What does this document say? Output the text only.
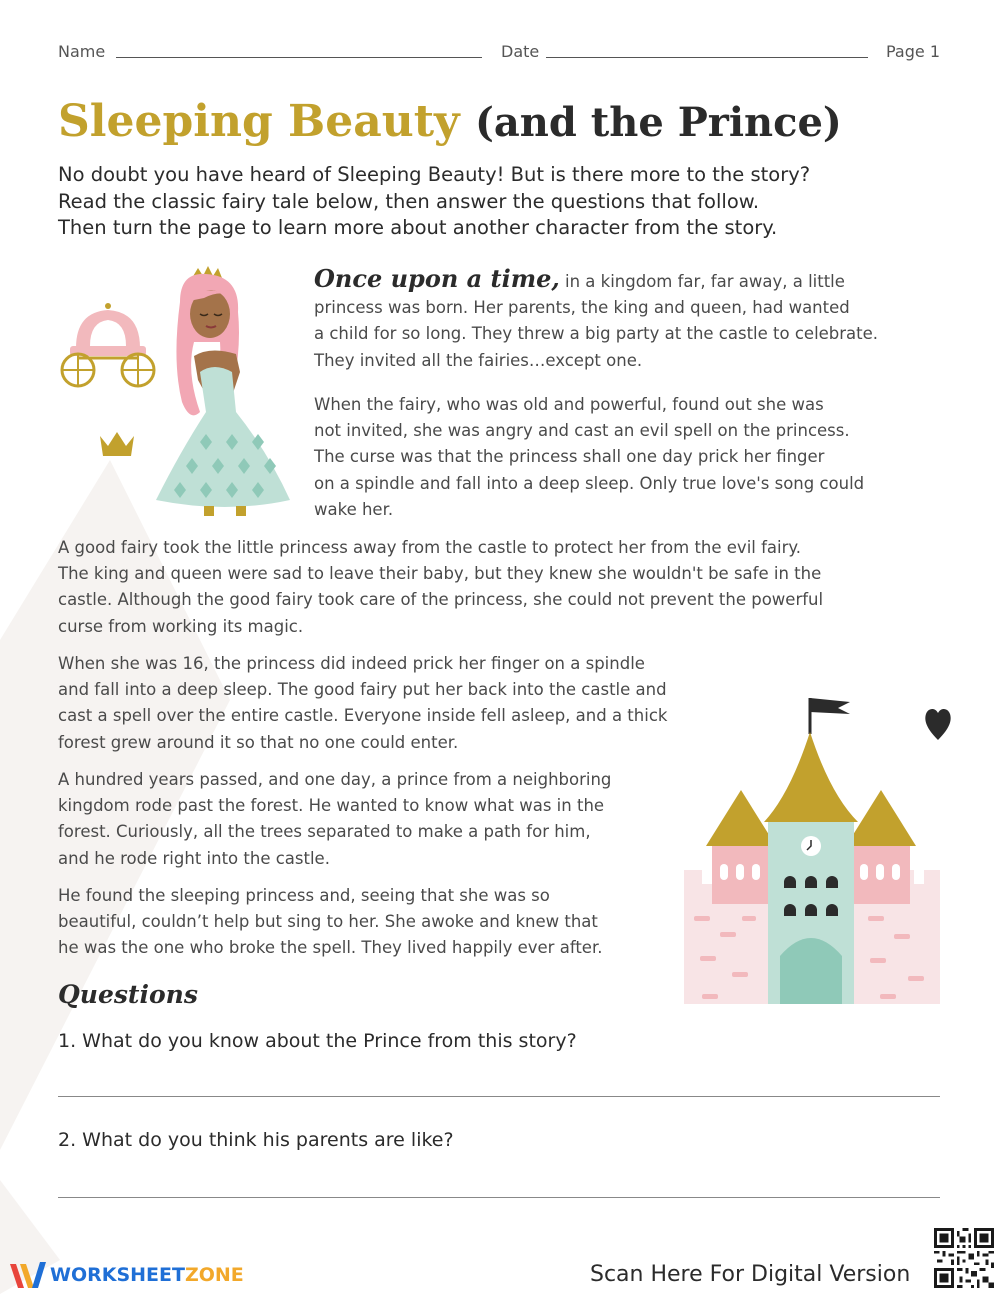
Name	Date	Page 1
Sleeping Beauty (and the Prince)
No doubt you have heard of Sleeping Beauty! But is there more to the story?
Read the classic fairy tale below, then answer the questions that follow.
Then turn the page to learn more about another character from the story.
Once upon a time, in a kingdom far, far away, a little
princess was born. Her parents, the king and queen, had wanted
a child for so long. They threw a big party at the castle to celebrate.
They invited all the fairies…except one.
When the fairy, who was old and powerful, found out she was
not invited, she was angry and cast an evil spell on the princess.
The curse was that the princess shall one day prick her finger
on a spindle and fall into a deep sleep. Only true love's song could
wake her.
A good fairy took the little princess away from the castle to protect her from the evil fairy.
The king and queen were sad to leave their baby, but they knew she wouldn't be safe in the
castle. Although the good fairy took care of the princess, she could not prevent the powerful
curse from working its magic.
When she was 16, the princess did indeed prick her finger on a spindle
and fall into a deep sleep. The good fairy put her back into the castle and
cast a spell over the entire castle. Everyone inside fell asleep, and a thick
forest grew around it so that no one could enter.
A hundred years passed, and one day, a prince from a neighboring
kingdom rode past the forest. He wanted to know what was in the
forest. Curiously, all the trees separated to make a path for him,
and he rode right into the castle.
He found the sleeping princess and, seeing that she was so
beautiful, couldn’t help but sing to her. She awoke and knew that
he was the one who broke the spell. They lived happily ever after.
Questions
1. What do you know about the Prince from this story?
2. What do you think his parents are like?
WORKSHEETZONE	Scan Here For Digital Version
